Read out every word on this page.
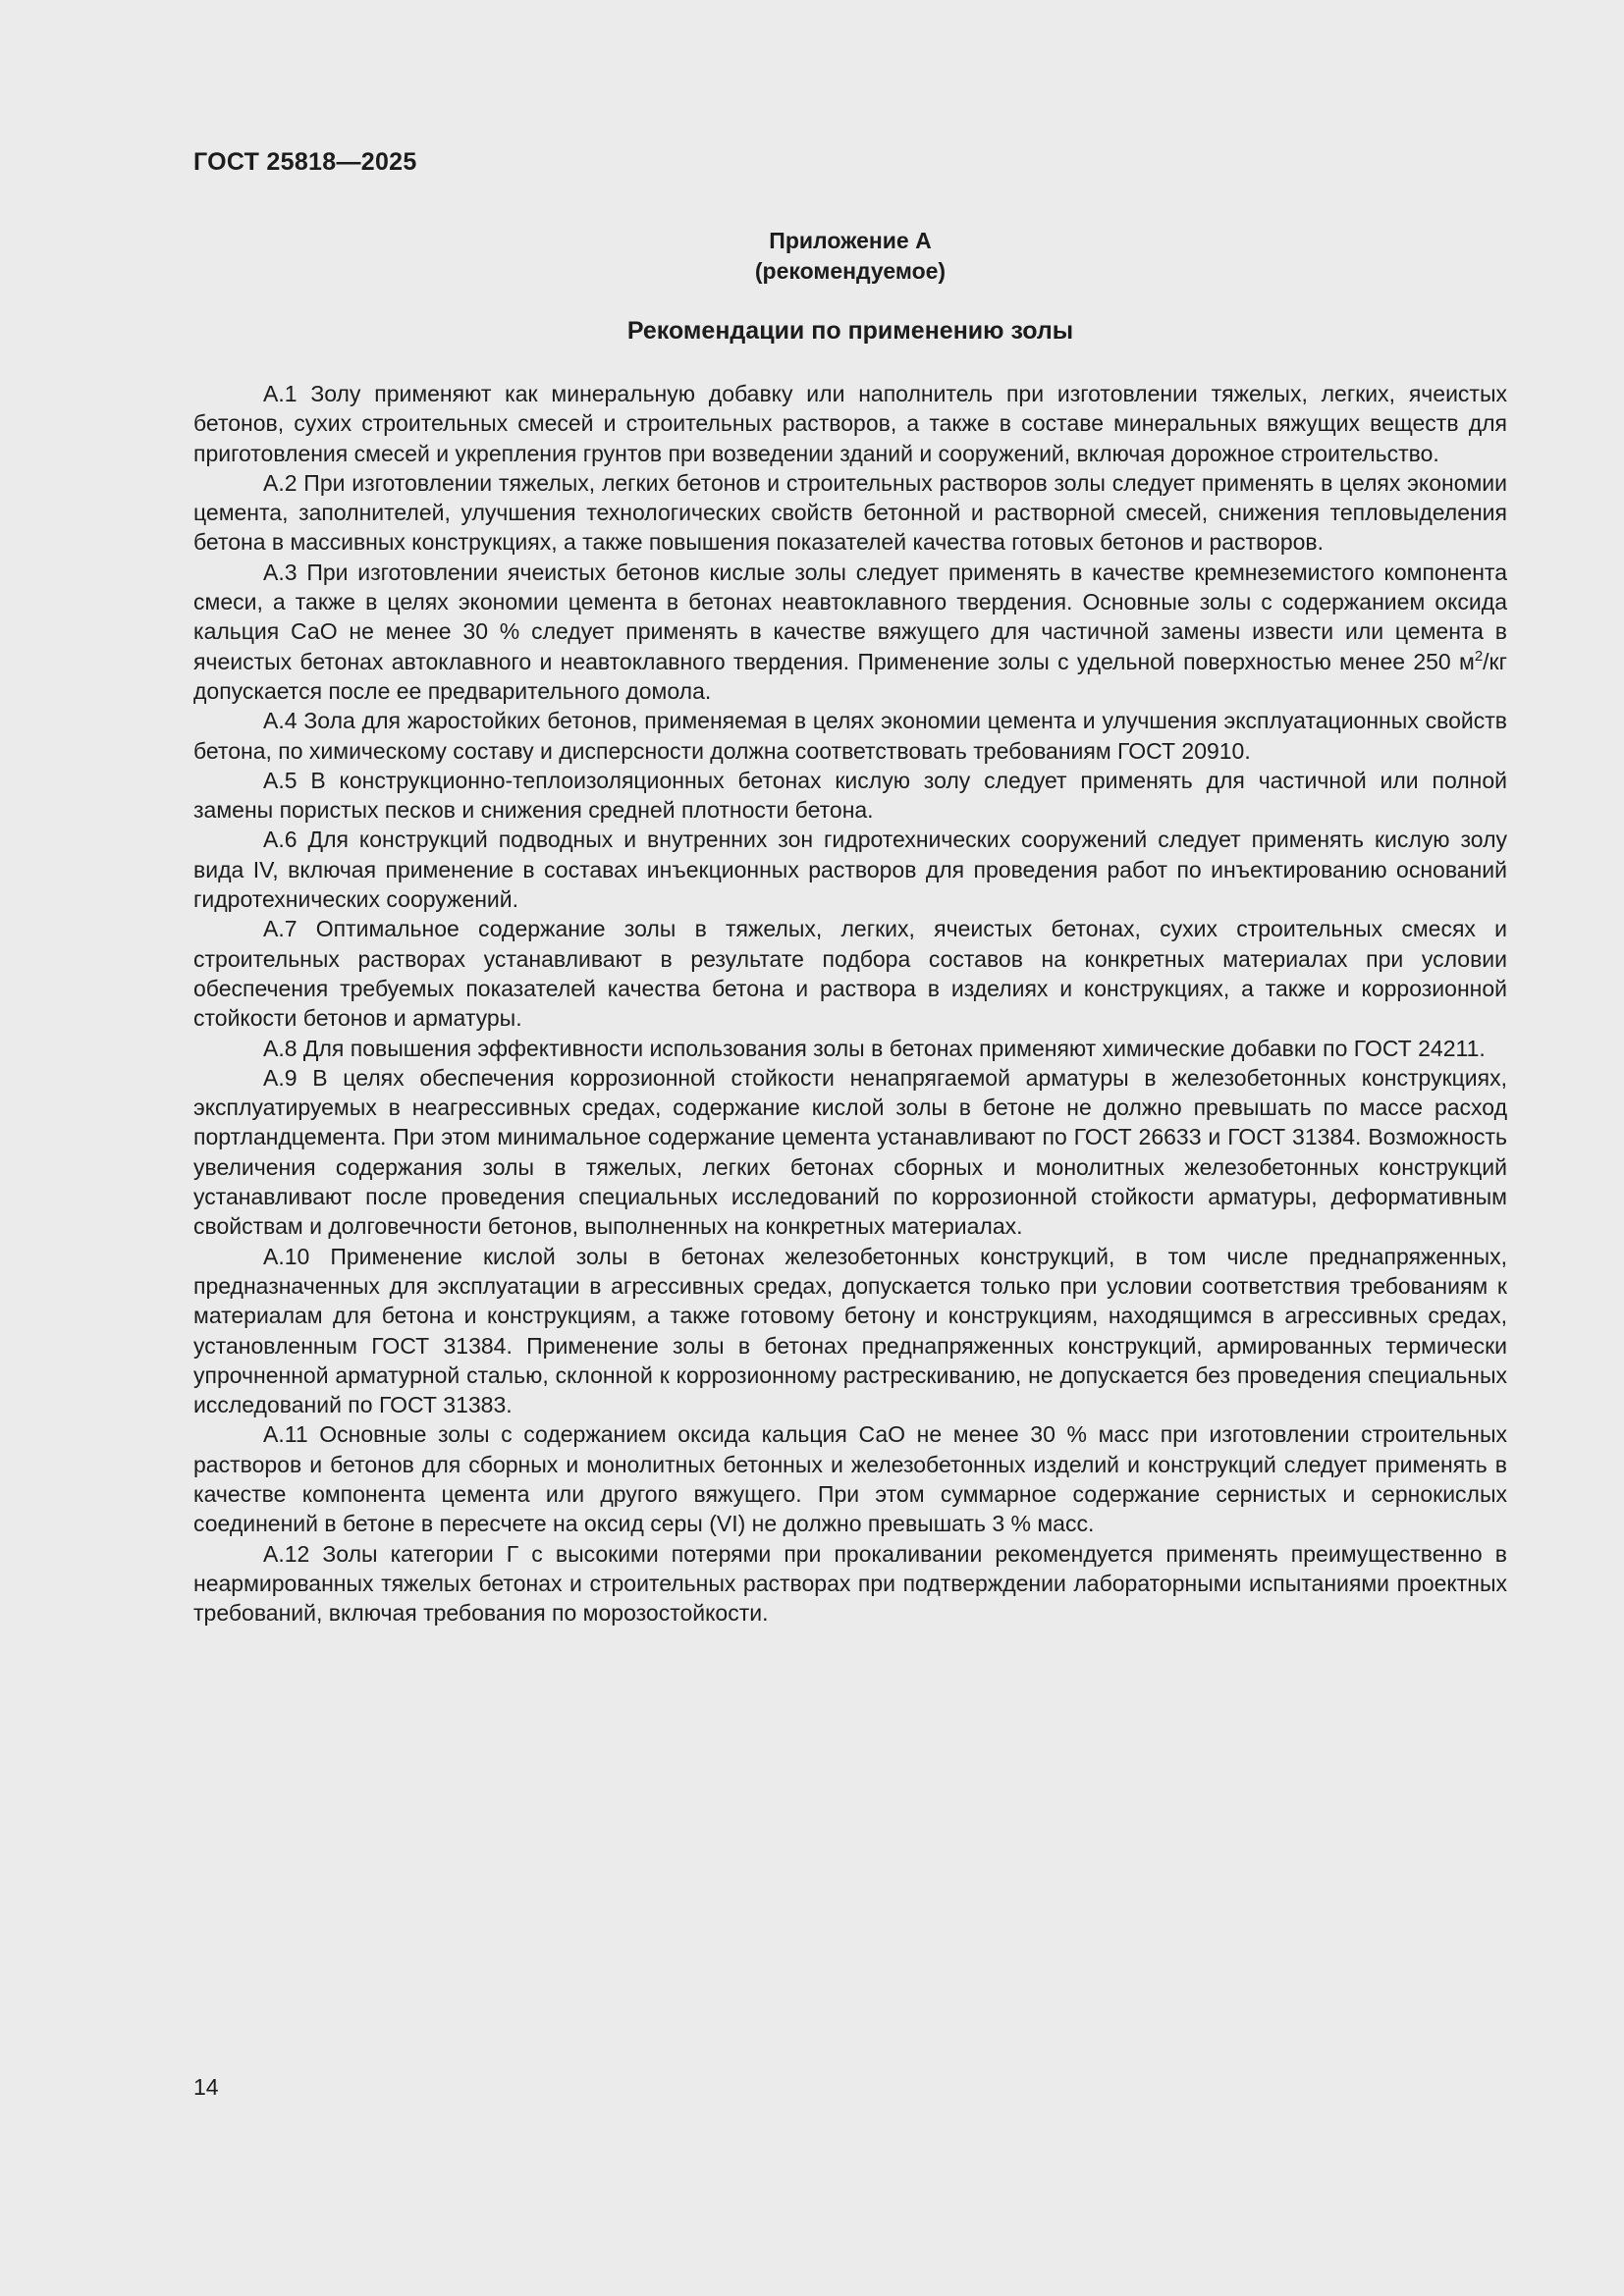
ГОСТ 25818—2025
Приложение А
(рекомендуемое)
Рекомендации по применению золы

А.1 Золу применяют как минеральную добавку или наполнитель при изготовлении тяжелых, легких, ячеистых бетонов, сухих строительных смесей и строительных растворов, а также в составе минеральных вяжущих веществ для приготовления смесей и укрепления грунтов при возведении зданий и сооружений, включая дорожное строительство.

А.2 При изготовлении тяжелых, легких бетонов и строительных растворов золы следует применять в целях экономии цемента, заполнителей, улучшения технологических свойств бетонной и растворной смесей, снижения тепловыделения бетона в массивных конструкциях, а также повышения показателей качества готовых бетонов и растворов.

А.3 При изготовлении ячеистых бетонов кислые золы следует применять в качестве кремнеземистого компонента смеси, а также в целях экономии цемента в бетонах неавтоклавного твердения. Основные золы с содержанием оксида кальция СаО не менее 30 % следует применять в качестве вяжущего для частичной замены извести или цемента в ячеистых бетонах автоклавного и неавтоклавного твердения. Применение золы с удельной поверхностью менее 250 $м^2/кг$ допускается после ее предварительного домола.

А.4 Зола для жаростойких бетонов, применяемая в целях экономии цемента и улучшения эксплуатационных свойств бетона, по химическому составу и дисперсности должна соответствовать требованиям ГОСТ 20910.

А.5 В конструкционно-теплоизоляционных бетонах кислую золу следует применять для частичной или полной замены пористых песков и снижения средней плотности бетона.

А.6 Для конструкций подводных и внутренних зон гидротехнических сооружений следует применять кислую золу вида IV, включая применение в составах инъекционных растворов для проведения работ по инъектированию оснований гидротехнических сооружений.

А.7 Оптимальное содержание золы в тяжелых, легких, ячеистых бетонах, сухих строительных смесях и строительных растворах устанавливают в результате подбора составов на конкретных материалах при условии обеспечения требуемых показателей качества бетона и раствора в изделиях и конструкциях, а также и коррозионной стойкости бетонов и арматуры.

А.8 Для повышения эффективности использования золы в бетонах применяют химические добавки по ГОСТ 24211.

А.9 В целях обеспечения коррозионной стойкости ненапрягаемой арматуры в железобетонных конструкциях, эксплуатируемых в неагрессивных средах, содержание кислой золы в бетоне не должно превышать по массе расход портландцемента. При этом минимальное содержание цемента устанавливают по ГОСТ 26633 и ГОСТ 31384. Возможность увеличения содержания золы в тяжелых, легких бетонах сборных и монолитных железобетонных конструкций устанавливают после проведения специальных исследований по коррозионной стойкости арматуры, деформативным свойствам и долговечности бетонов, выполненных на конкретных материалах.

А.10 Применение кислой золы в бетонах железобетонных конструкций, в том числе преднапряженных, предназначенных для эксплуатации в агрессивных средах, допускается только при условии соответствия требованиям к материалам для бетона и конструкциям, а также готовому бетону и конструкциям, находящимся в агрессивных средах, установленным ГОСТ 31384. Применение золы в бетонах преднапряженных конструкций, армированных термически упрочненной арматурной сталью, склонной к коррозионному растрескиванию, не допускается без проведения специальных исследований по ГОСТ 31383.

А.11 Основные золы с содержанием оксида кальция СаО не менее 30 % масс при изготовлении строительных растворов и бетонов для сборных и монолитных бетонных и железобетонных изделий и конструкций следует применять в качестве компонента цемента или другого вяжущего. При этом суммарное содержание сернистых и сернокислых соединений в бетоне в пересчете на оксид серы (VI) не должно превышать 3 % масс.

А.12 Золы категории Г с высокими потерями при прокаливании рекомендуется применять преимущественно в неармированных тяжелых бетонах и строительных растворах при подтверждении лабораторными испытаниями проектных требований, включая требования по морозостойкости.

14
